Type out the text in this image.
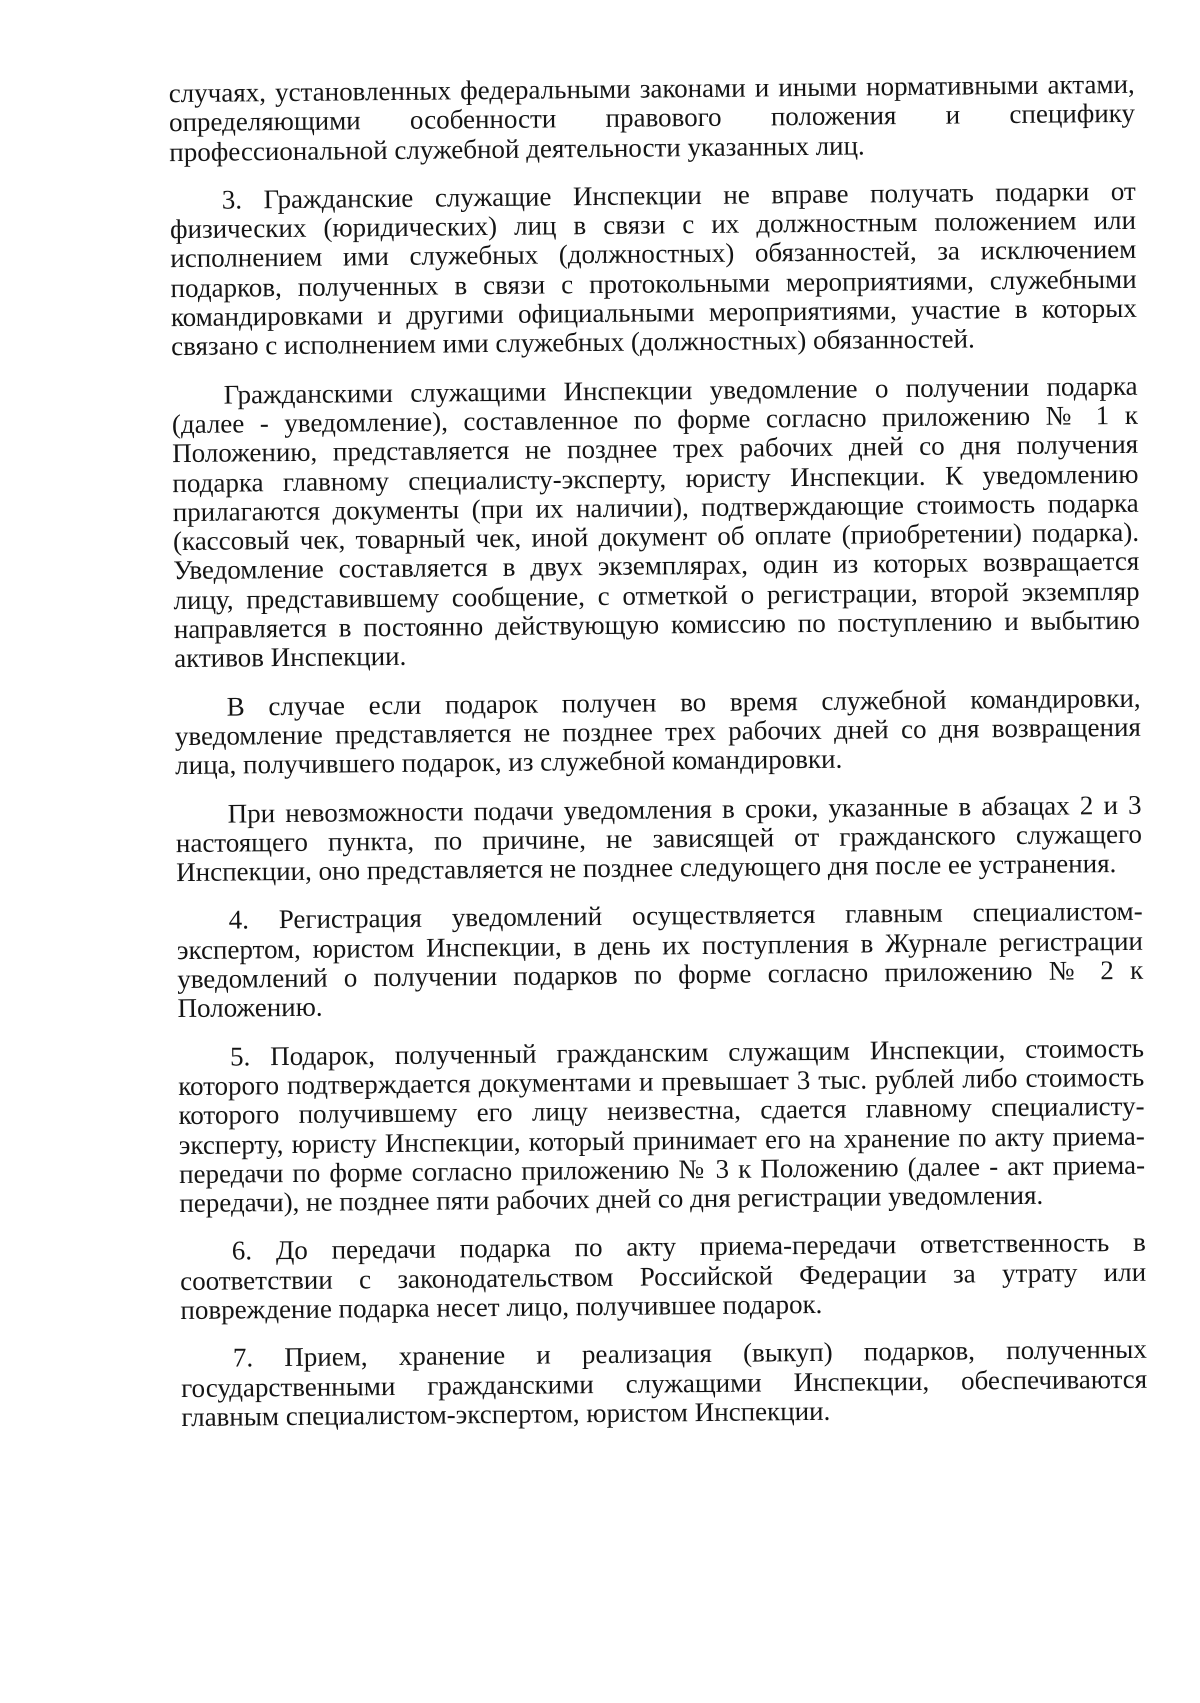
случаях, установленных федеральными законами и иными нормативными актами, определяющими особенности правового положения и специфику профессиональной служебной деятельности указанных лиц.

3. Гражданские служащие Инспекции не вправе получать подарки от физических (юридических) лиц в связи с их должностным положением или исполнением ими служебных (должностных) обязанностей, за исключением подарков, полученных в связи с протокольными мероприятиями, служебными командировками и другими официальными мероприятиями, участие в которых связано с исполнением ими служебных (должностных) обязанностей.

Гражданскими служащими Инспекции уведомление о получении подарка (далее - уведомление), составленное по форме согласно приложению № 1 к Положению, представляется не позднее трех рабочих дней со дня получения подарка главному специалисту-эксперту, юристу Инспекции. К уведомлению прилагаются документы (при их наличии), подтверждающие стоимость подарка (кассовый чек, товарный чек, иной документ об оплате (приобретении) подарка). Уведомление составляется в двух экземплярах, один из которых возвращается лицу, представившему сообщение, с отметкой о регистрации, второй экземпляр направляется в постоянно действующую комиссию по поступлению и выбытию активов Инспекции.

В случае если подарок получен во время служебной командировки, уведомление представляется не позднее трех рабочих дней со дня возвращения лица, получившего подарок, из служебной командировки.

При невозможности подачи уведомления в сроки, указанные в абзацах 2 и 3 настоящего пункта, по причине, не зависящей от гражданского служащего Инспекции, оно представляется не позднее следующего дня после ее устранения.

4. Регистрация уведомлений осуществляется главным специалистом-экспертом, юристом Инспекции, в день их поступления в Журнале регистрации уведомлений о получении подарков по форме согласно приложению № 2 к Положению.

5. Подарок, полученный гражданским служащим Инспекции, стоимость которого подтверждается документами и превышает 3 тыс. рублей либо стоимость которого получившему его лицу неизвестна, сдается главному специалисту-эксперту, юристу Инспекции, который принимает его на хранение по акту приема-передачи по форме согласно приложению № 3 к Положению (далее - акт приема-передачи), не позднее пяти рабочих дней со дня регистрации уведомления.

6. До передачи подарка по акту приема-передачи ответственность в соответствии с законодательством Российской Федерации за утрату или повреждение подарка несет лицо, получившее подарок.

7. Прием, хранение и реализация (выкуп) подарков, полученных государственными гражданскими служащими Инспекции, обеспечиваются главным специалистом-экспертом, юристом Инспекции.
